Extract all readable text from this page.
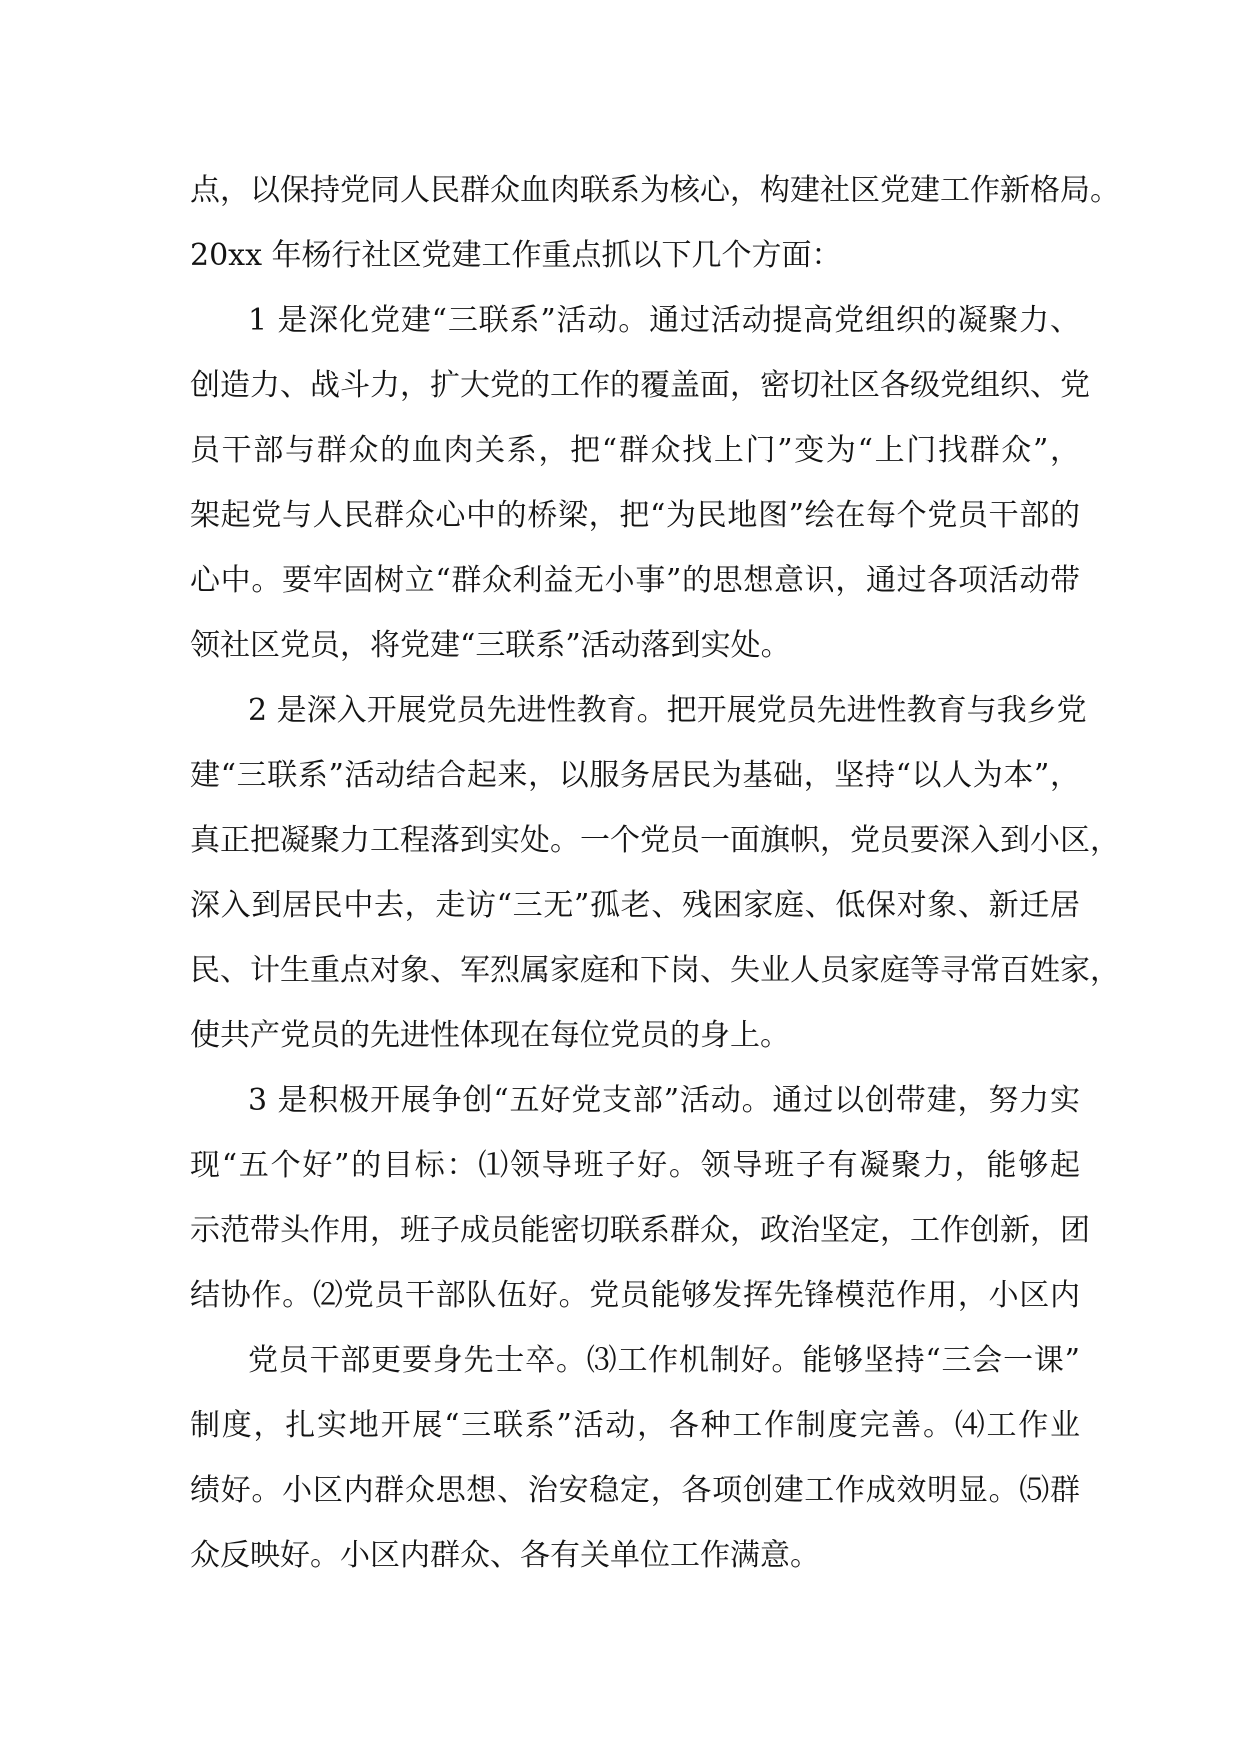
点，以保持党同人民群众血肉联系为核心，构建社区党建工作新格局。
20xx 年杨行社区党建工作重点抓以下几个方面：
1 是深化党建“三联系”活动。通过活动提高党组织的凝聚力、
创造力、战斗力，扩大党的工作的覆盖面，密切社区各级党组织、党
员干部与群众的血肉关系，把“群众找上门”变为“上门找群众”，
架起党与人民群众心中的桥梁，把“为民地图”绘在每个党员干部的
心中。要牢固树立“群众利益无小事”的思想意识，通过各项活动带
领社区党员，将党建“三联系”活动落到实处。
2 是深入开展党员先进性教育。把开展党员先进性教育与我乡党
建“三联系”活动结合起来，以服务居民为基础，坚持“以人为本”，
真正把凝聚力工程落到实处。一个党员一面旗帜，党员要深入到小区，
深入到居民中去，走访“三无”孤老、残困家庭、低保对象、新迁居
民、计生重点对象、军烈属家庭和下岗、失业人员家庭等寻常百姓家，
使共产党员的先进性体现在每位党员的身上。
3 是积极开展争创“五好党支部”活动。通过以创带建，努力实
现“五个好”的目标：⑴领导班子好。领导班子有凝聚力，能够起
示范带头作用，班子成员能密切联系群众，政治坚定，工作创新，团
结协作。⑵党员干部队伍好。党员能够发挥先锋模范作用，小区内
党员干部更要身先士卒。⑶工作机制好。能够坚持“三会一课”
制度，扎实地开展“三联系”活动，各种工作制度完善。⑷工作业
绩好。小区内群众思想、治安稳定，各项创建工作成效明显。⑸群
众反映好。小区内群众、各有关单位工作满意。
